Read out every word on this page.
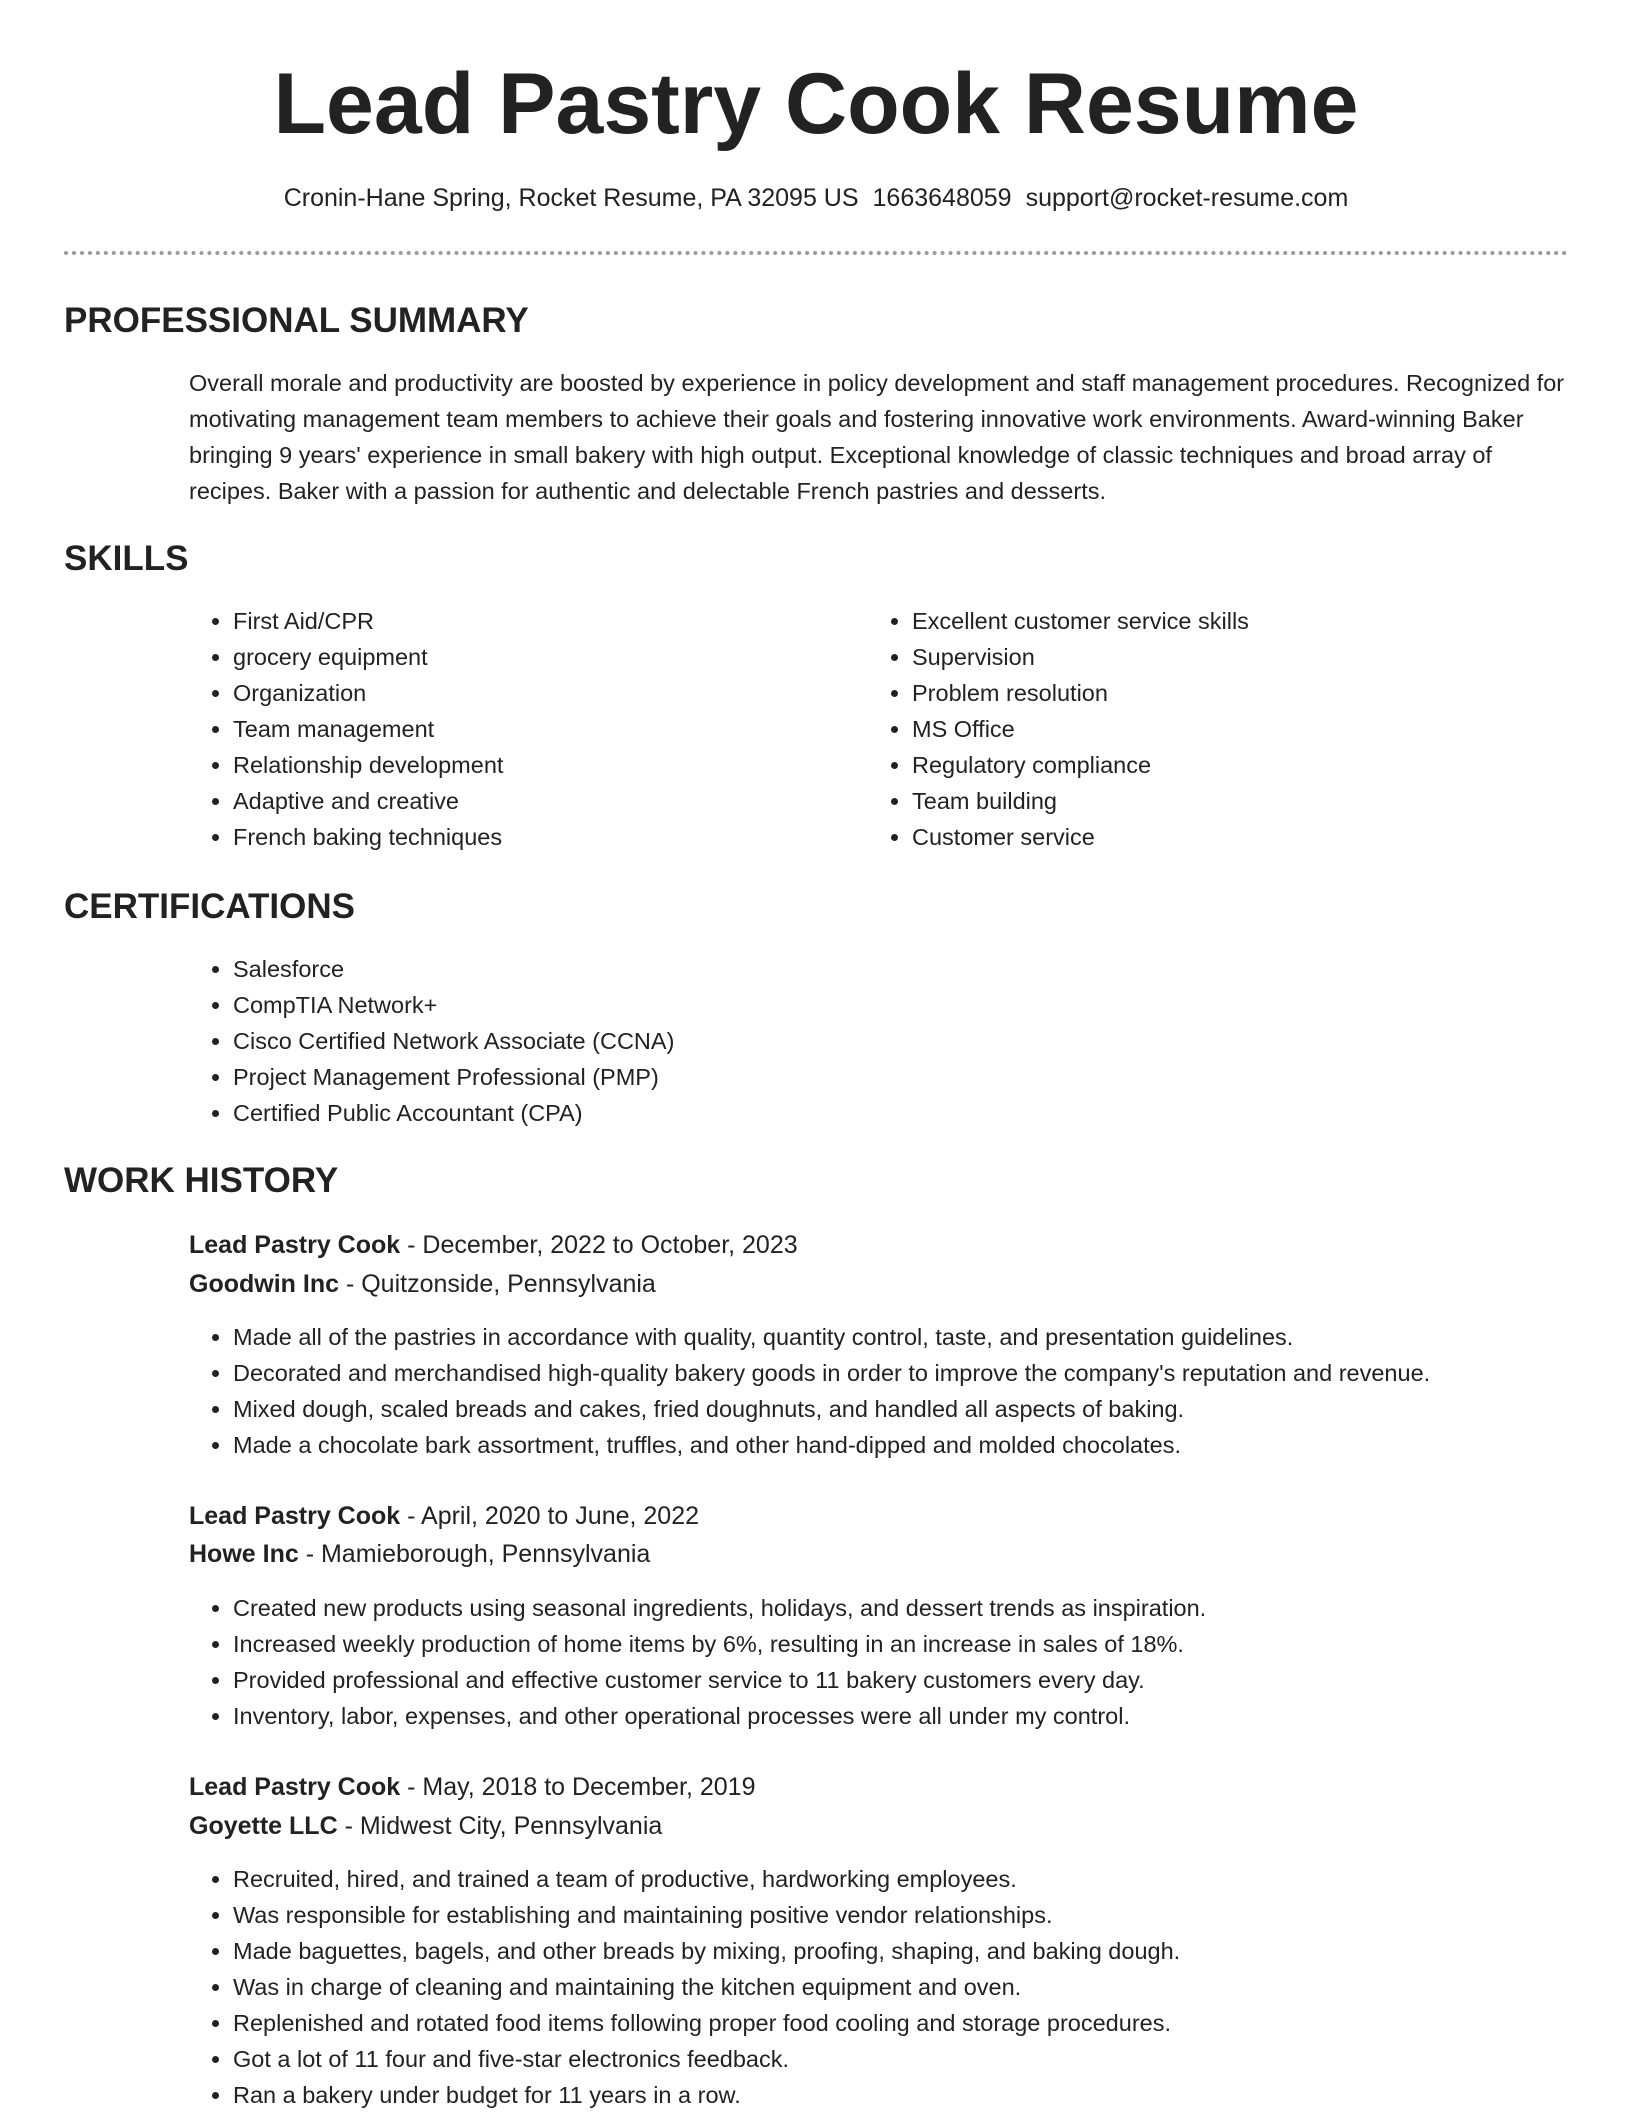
Lead Pastry Cook Resume
Cronin-Hane Spring, Rocket Resume, PA 32095 US 1663648059 support@rocket-resume.com
PROFESSIONAL SUMMARY

Overall morale and productivity are boosted by experience in policy development and staff management procedures. Recognized for motivating management team members to achieve their goals and fostering innovative work environments. Award-winning Baker bringing 9 years' experience in small bakery with high output. Exceptional knowledge of classic techniques and broad array of recipes. Baker with a passion for authentic and delectable French pastries and desserts.

SKILLS
• First Aid/CPR
• grocery equipment
• Organization
• Team management
• Relationship development
• Adaptive and creative
• French baking techniques
• Excellent customer service skills
• Supervision
• Problem resolution
• MS Office
• Regulatory compliance
• Team building
• Customer service
CERTIFICATIONS
• Salesforce
• CompTIA Network+
• Cisco Certified Network Associate (CCNA)
• Project Management Professional (PMP)
• Certified Public Accountant (CPA)
WORK HISTORY
Lead Pastry Cook - December, 2022 to October, 2023
Goodwin Inc - Quitzonside, Pennsylvania
• Made all of the pastries in accordance with quality, quantity control, taste, and presentation guidelines.
• Decorated and merchandised high-quality bakery goods in order to improve the company's reputation and revenue.
• Mixed dough, scaled breads and cakes, fried doughnuts, and handled all aspects of baking.
• Made a chocolate bark assortment, truffles, and other hand-dipped and molded chocolates.
Lead Pastry Cook - April, 2020 to June, 2022
Howe Inc - Mamieborough, Pennsylvania
• Created new products using seasonal ingredients, holidays, and dessert trends as inspiration.
• Increased weekly production of home items by 6%, resulting in an increase in sales of 18%.
• Provided professional and effective customer service to 11 bakery customers every day.
• Inventory, labor, expenses, and other operational processes were all under my control.
Lead Pastry Cook - May, 2018 to December, 2019
Goyette LLC - Midwest City, Pennsylvania
• Recruited, hired, and trained a team of productive, hardworking employees.
• Was responsible for establishing and maintaining positive vendor relationships.
• Made baguettes, bagels, and other breads by mixing, proofing, shaping, and baking dough.
• Was in charge of cleaning and maintaining the kitchen equipment and oven.
• Replenished and rotated food items following proper food cooling and storage procedures.
• Got a lot of 11 four and five-star electronics feedback.
• Ran a bakery under budget for 11 years in a row.
